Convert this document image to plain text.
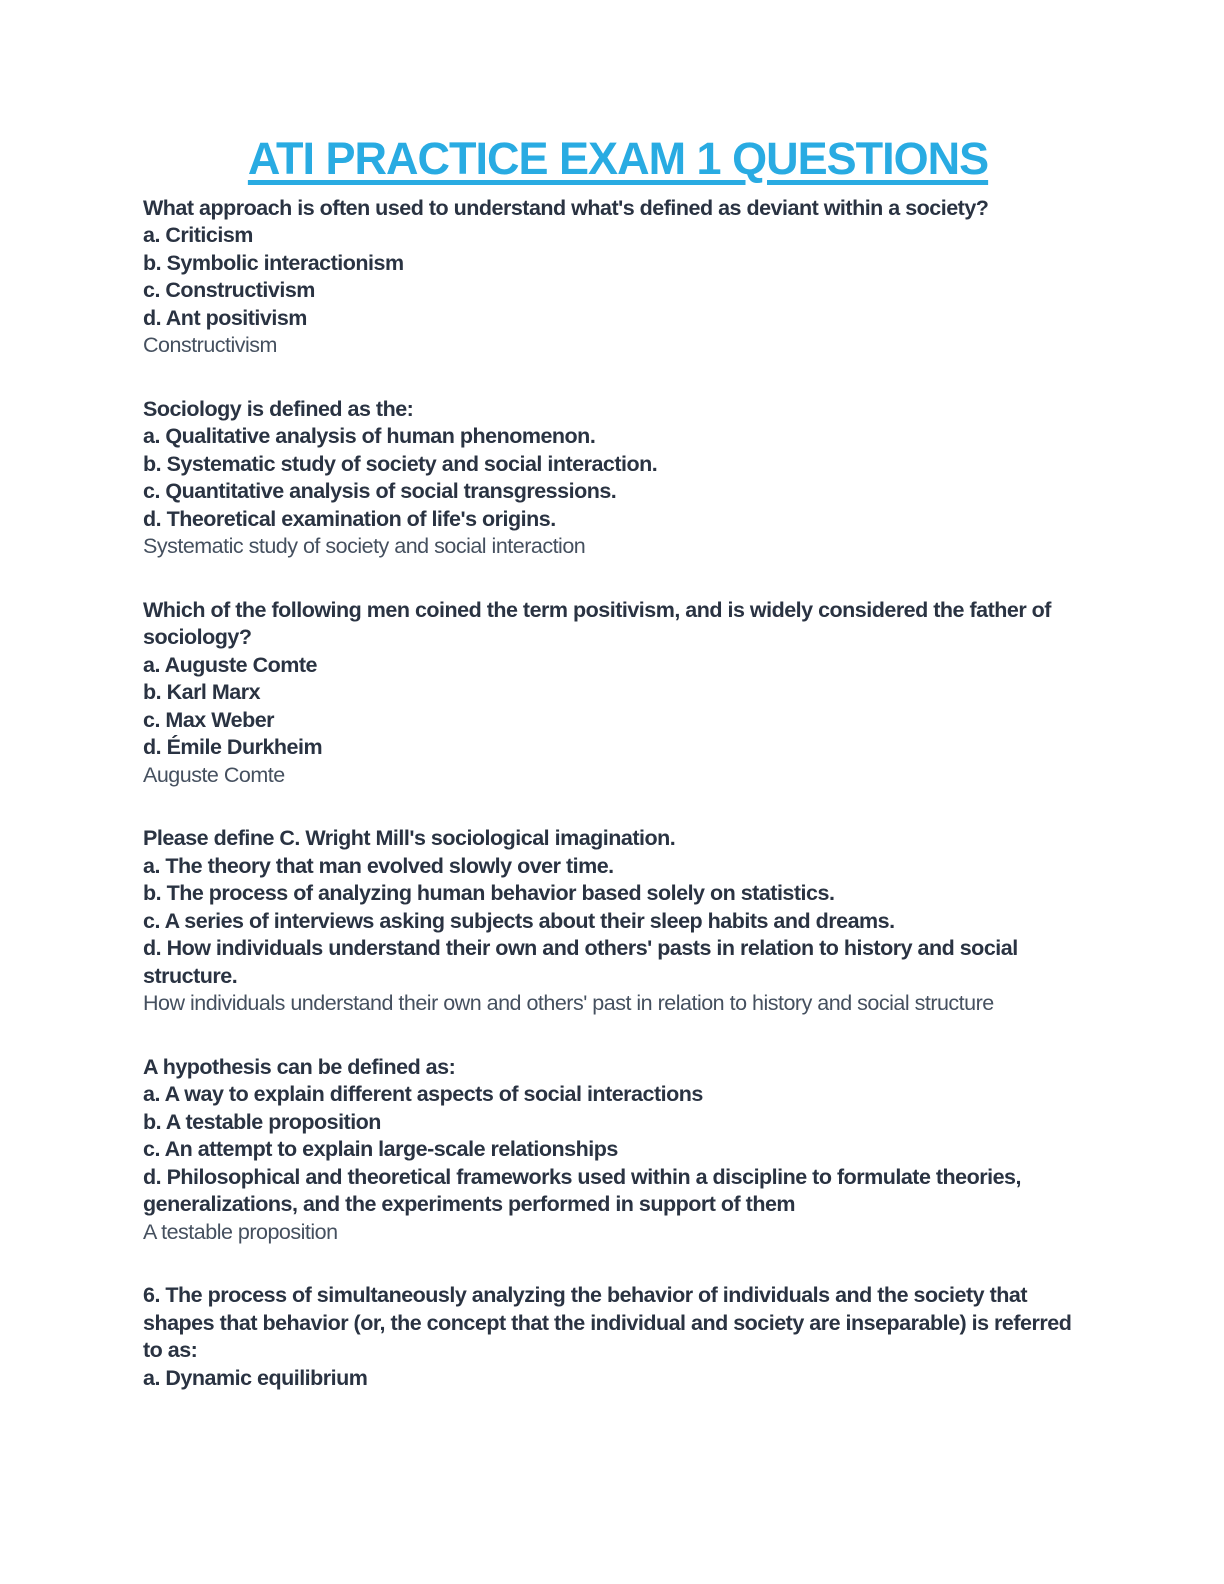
ATI PRACTICE EXAM 1 QUESTIONS

What approach is often used to understand what's defined as deviant within a society?

a. Criticism

b. Symbolic interactionism

c. Constructivism

d. Ant positivism

Constructivism

Sociology is defined as the:

a. Qualitative analysis of human phenomenon.

b. Systematic study of society and social interaction.

c. Quantitative analysis of social transgressions.

d. Theoretical examination of life's origins.

Systematic study of society and social interaction

Which of the following men coined the term positivism, and is widely considered the father of sociology?

a. Auguste Comte

b. Karl Marx

c. Max Weber

d. Émile Durkheim

Auguste Comte

Please define C. Wright Mill's sociological imagination.

a. The theory that man evolved slowly over time.

b. The process of analyzing human behavior based solely on statistics.

c. A series of interviews asking subjects about their sleep habits and dreams.

d. How individuals understand their own and others' pasts in relation to history and social structure.

How individuals understand their own and others' past in relation to history and social structure

A hypothesis can be defined as:

a. A way to explain different aspects of social interactions

b. A testable proposition

c. An attempt to explain large-scale relationships

d. Philosophical and theoretical frameworks used within a discipline to formulate theories, generalizations, and the experiments performed in support of them

A testable proposition

6. The process of simultaneously analyzing the behavior of individuals and the society that shapes that behavior (or, the concept that the individual and society are inseparable) is referred to as:

a. Dynamic equilibrium
